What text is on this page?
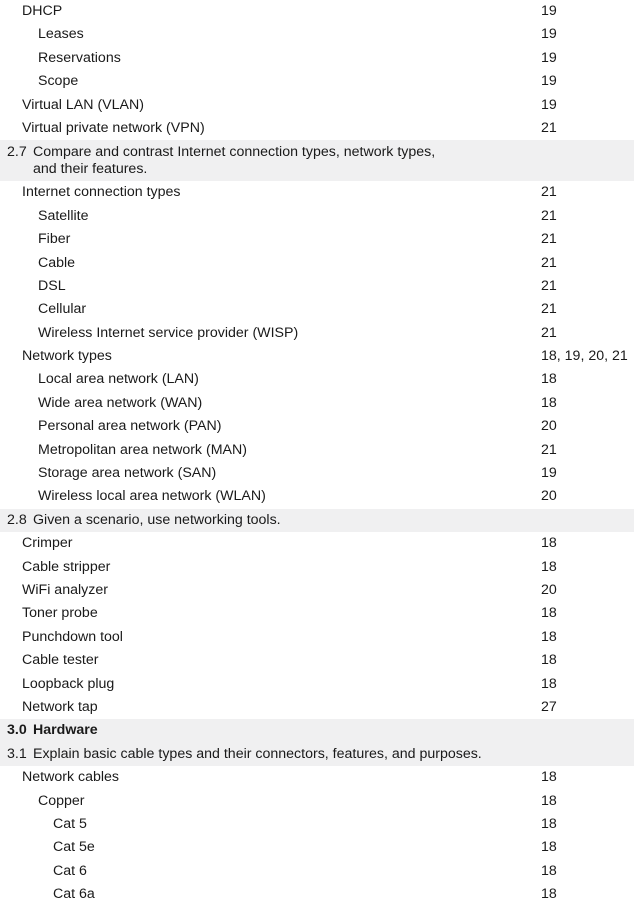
DHCP	19
Leases	19
Reservations	19
Scope	19
Virtual LAN (VLAN)	19
Virtual private network (VPN)	21
2.7 Compare and contrast Internet connection types, network types,
and their features.
Internet connection types	21
Satellite	21
Fiber	21
Cable	21
DSL	21
Cellular	21
Wireless Internet service provider (WISP)	21
Network types	18, 19, 20, 21
Local area network (LAN)	18
Wide area network (WAN)	18
Personal area network (PAN)	20
Metropolitan area network (MAN)	21
Storage area network (SAN)	19
Wireless local area network (WLAN)	20
2.8 Given a scenario, use networking tools.
Crimper	18
Cable stripper	18
WiFi analyzer	20
Toner probe	18
Punchdown tool	18
Cable tester	18
Loopback plug	18
Network tap	27
3.0 Hardware
3.1 Explain basic cable types and their connectors, features, and purposes.
Network cables	18
Copper	18
Cat 5	18
Cat 5e	18
Cat 6	18
Cat 6a	18
